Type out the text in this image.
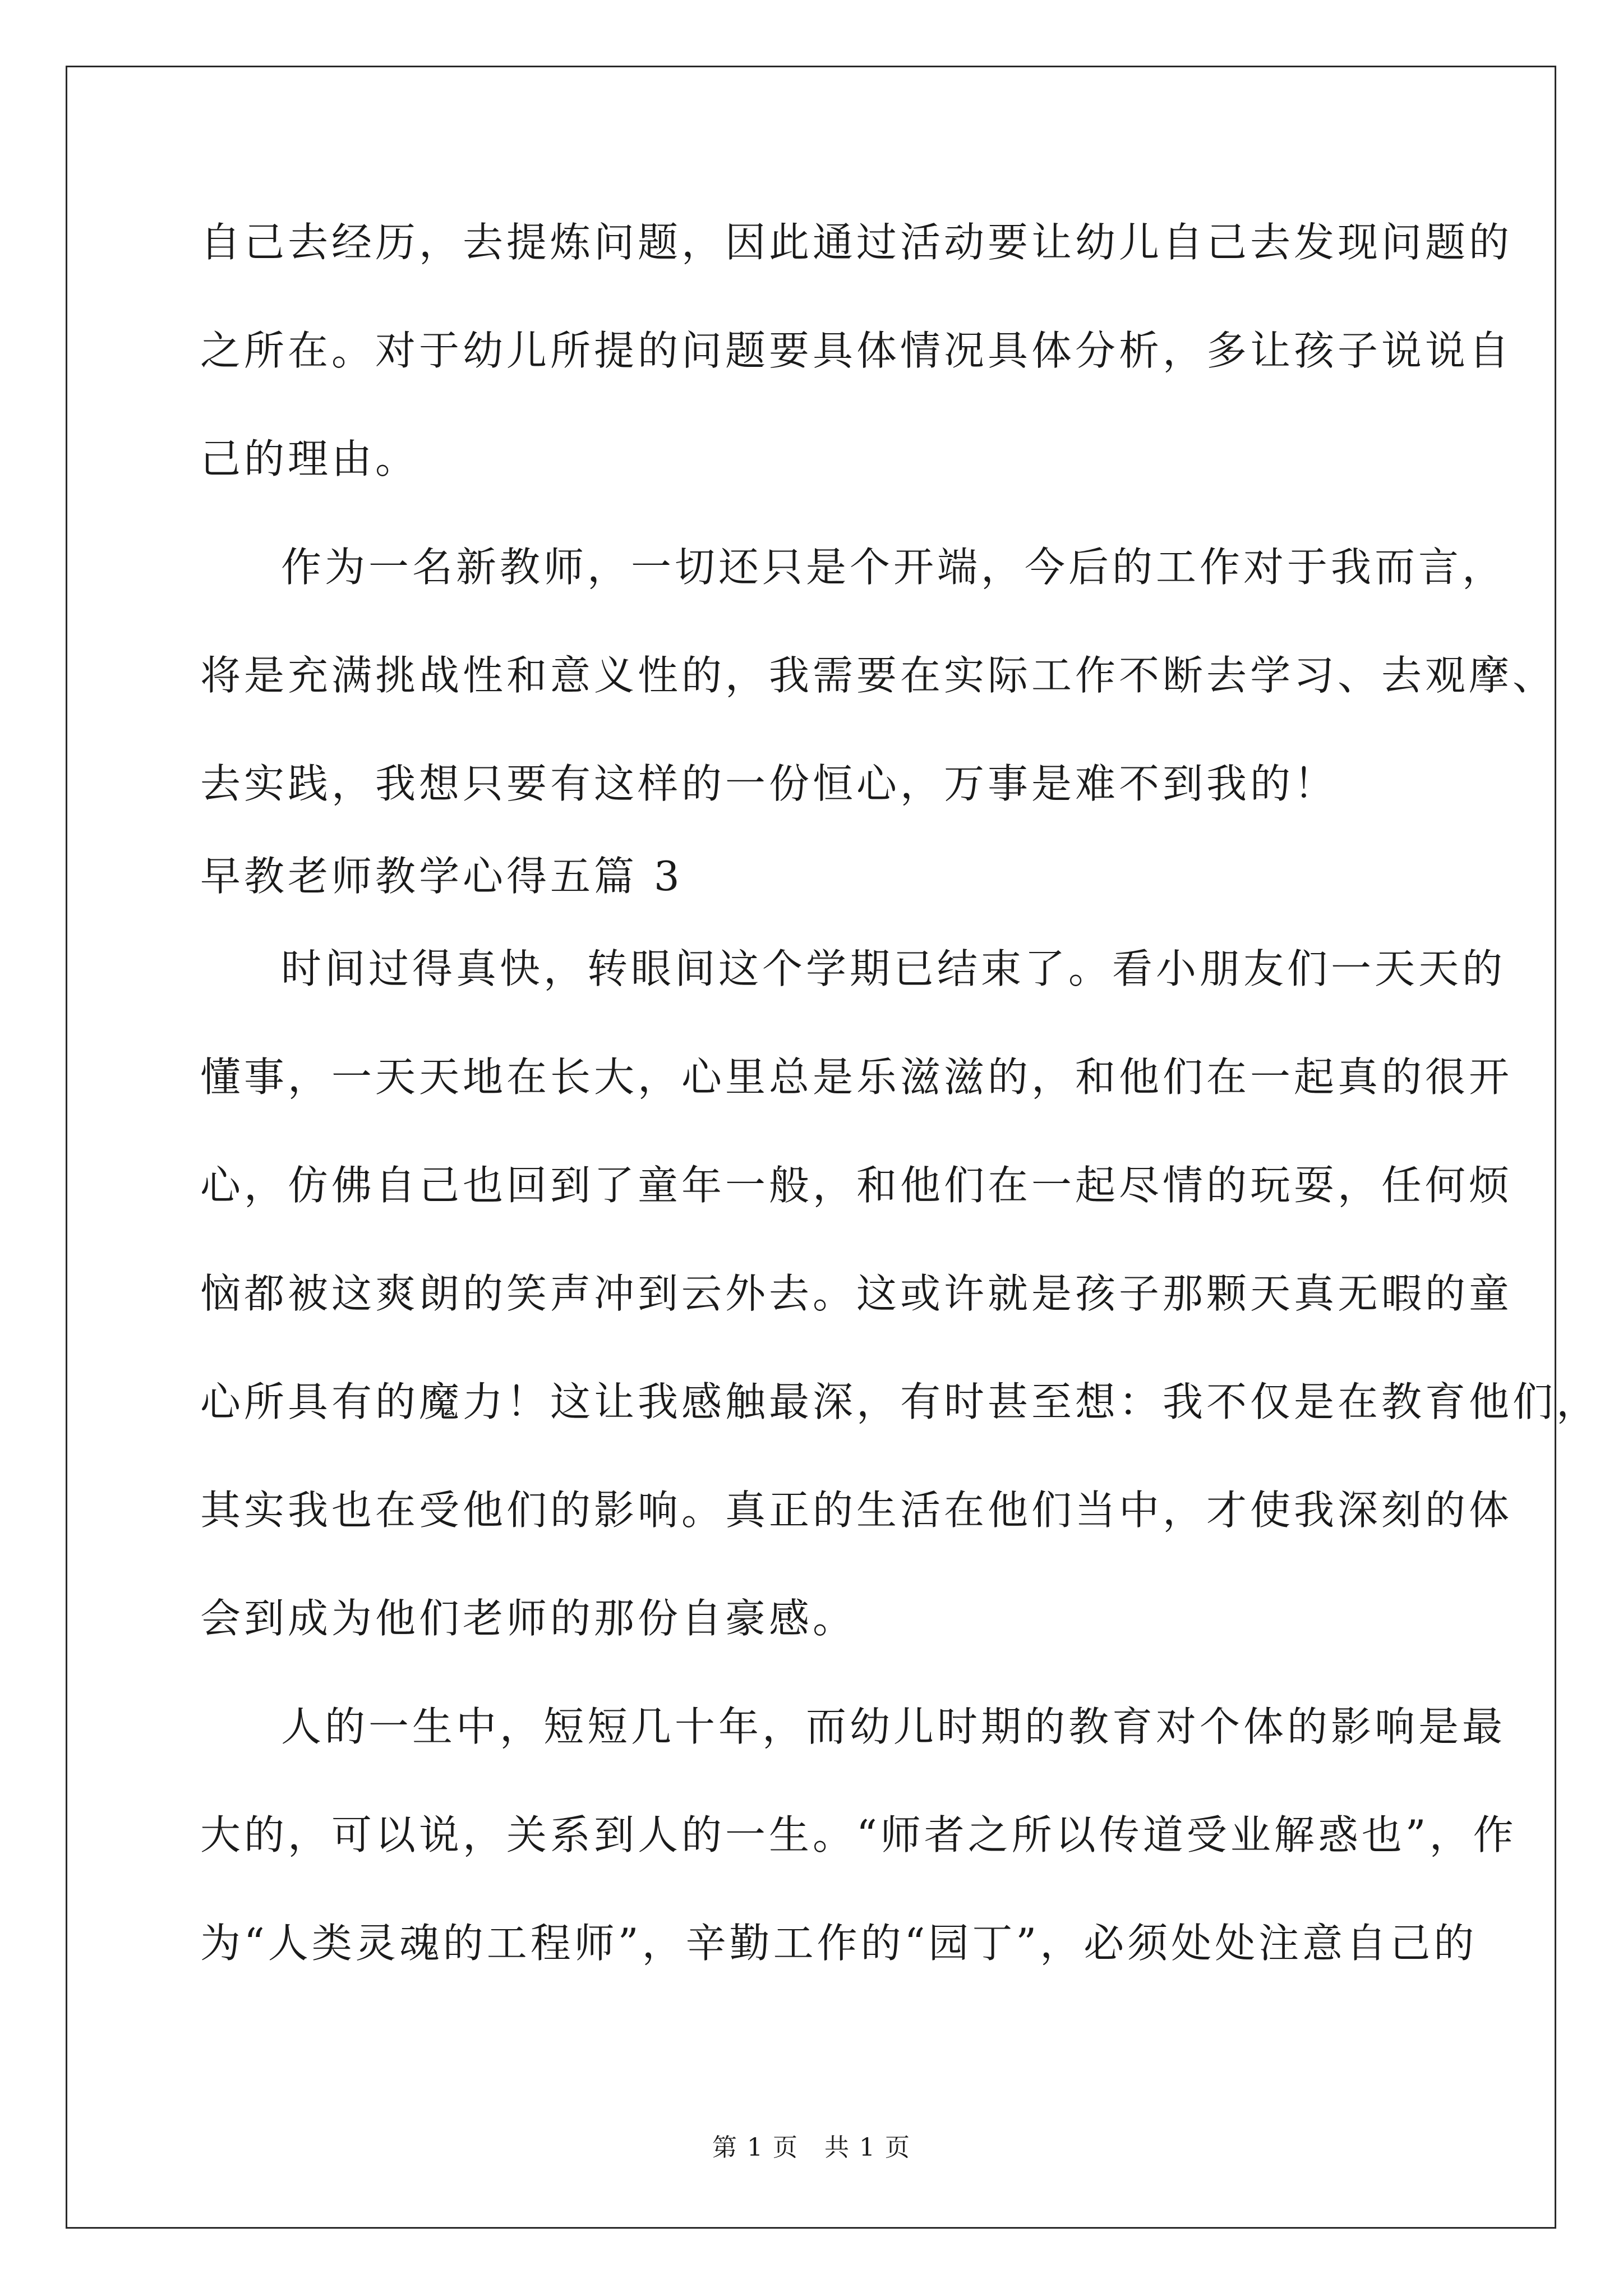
自己去经历，去提炼问题，因此通过活动要让幼儿自己去发现问题的
之所在。对于幼儿所提的问题要具体情况具体分析，多让孩子说说自
己的理由。
作为一名新教师，一切还只是个开端，今后的工作对于我而言，
将是充满挑战性和意义性的，我需要在实际工作不断去学习、去观摩、
去实践，我想只要有这样的一份恒心，万事是难不到我的！
早教老师教学心得五篇 3
时间过得真快，转眼间这个学期已结束了。看小朋友们一天天的
懂事，一天天地在长大，心里总是乐滋滋的，和他们在一起真的很开
心，仿佛自己也回到了童年一般，和他们在一起尽情的玩耍，任何烦
恼都被这爽朗的笑声冲到云外去。这或许就是孩子那颗天真无暇的童
心所具有的魔力！这让我感触最深，有时甚至想：我不仅是在教育他们，
其实我也在受他们的影响。真正的生活在他们当中，才使我深刻的体
会到成为他们老师的那份自豪感。
人的一生中，短短几十年，而幼儿时期的教育对个体的影响是最
大的，可以说，关系到人的一生。“师者之所以传道受业解惑也”，作
为“人类灵魂的工程师”，辛勤工作的“园丁”，必须处处注意自己的
第 1 页　共 1 页
